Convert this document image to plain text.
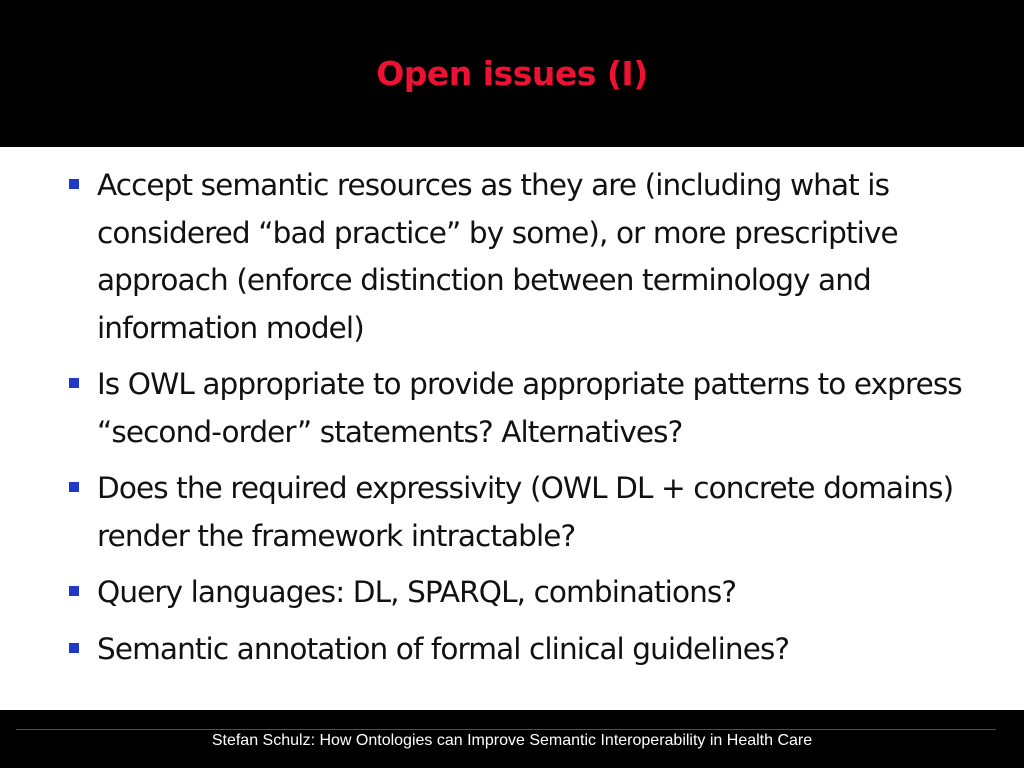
Open issues (I)
Accept semantic resources as they are (including what is considered “bad practice” by some), or more prescriptive approach (enforce distinction between terminology and information model)
Is OWL appropriate to provide appropriate patterns to express “second-order” statements? Alternatives?
Does the required expressivity (OWL DL + concrete domains) render the framework intractable?
Query languages: DL, SPARQL, combinations?
Semantic annotation of formal clinical guidelines?
Stefan Schulz: How Ontologies can Improve Semantic Interoperability in Health Care
